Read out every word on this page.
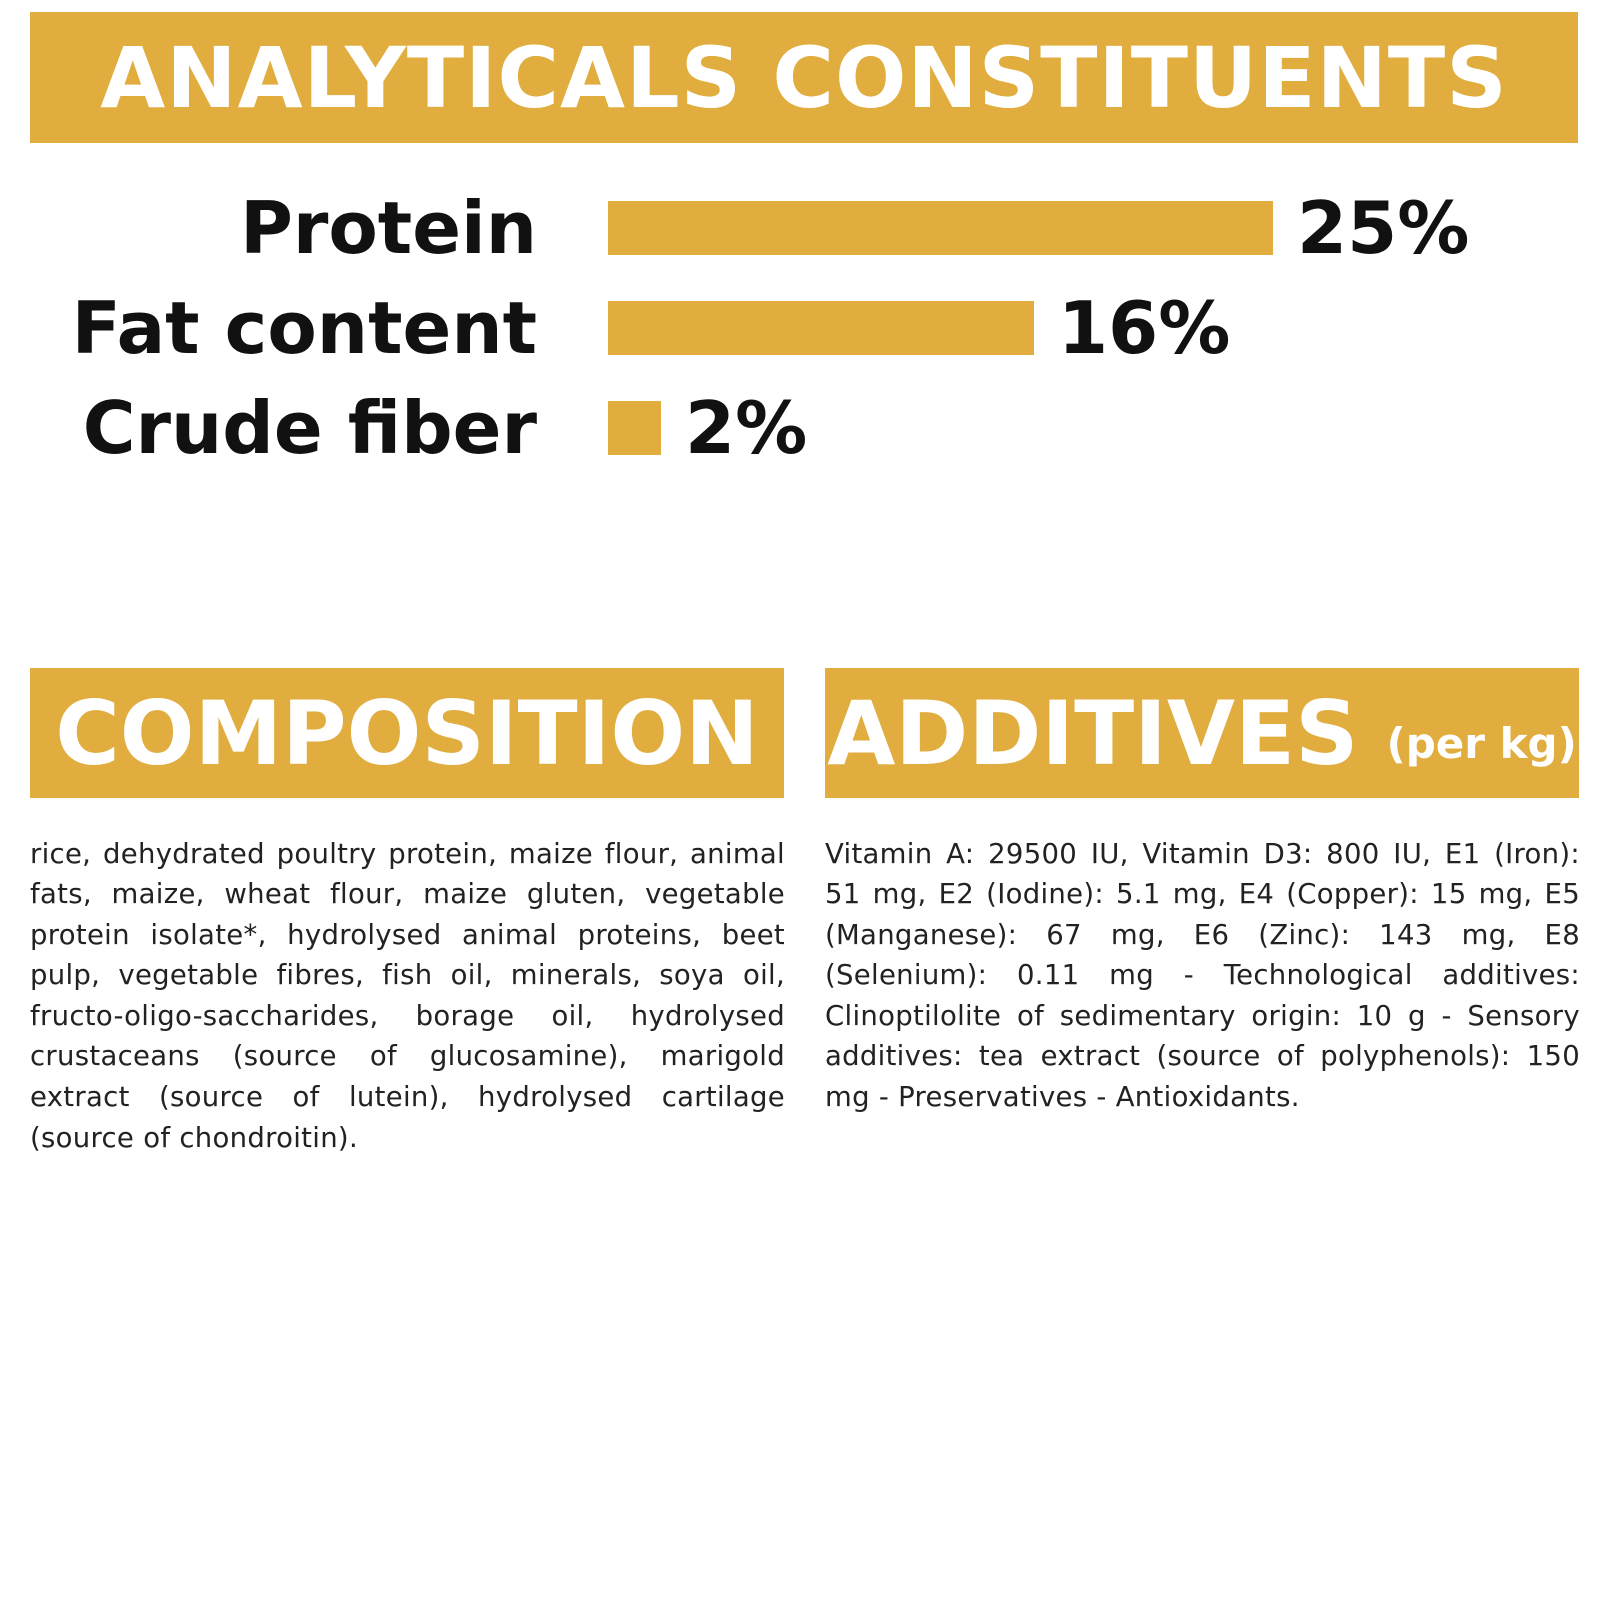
ANALYTICALS CONSTITUENTS
Protein	25%
Fat content	16%
Crude fiber 2%
COMPOSITION ADDITIVES (per kg)

rice, dehydrated poultry protein, maize flour, animal fats, maize, wheat flour, maize gluten, vegetable protein isolate*, hydrolysed animal proteins, beet pulp, vegetable fibres, fish oil, minerals, soya oil, fructo-oligo-saccharides, borage oil, hydrolysed crustaceans (source of glucosamine), marigold extract (source of lutein), hydrolysed cartilage (source of chondroitin).

Vitamin A: 29500 IU, Vitamin D3: 800 IU, E1 (Iron): 51 mg, E2 (Iodine): 5.1 mg, E4 (Copper): 15 mg, E5 (Manganese): 67 mg, E6 (Zinc): 143 mg, E8 (Selenium): 0.11 mg - Technological additives: Clinoptilolite of sedimentary origin: 10 g - Sensory additives: tea extract (source of polyphenols): 150 mg - Preservatives - Antioxidants.
